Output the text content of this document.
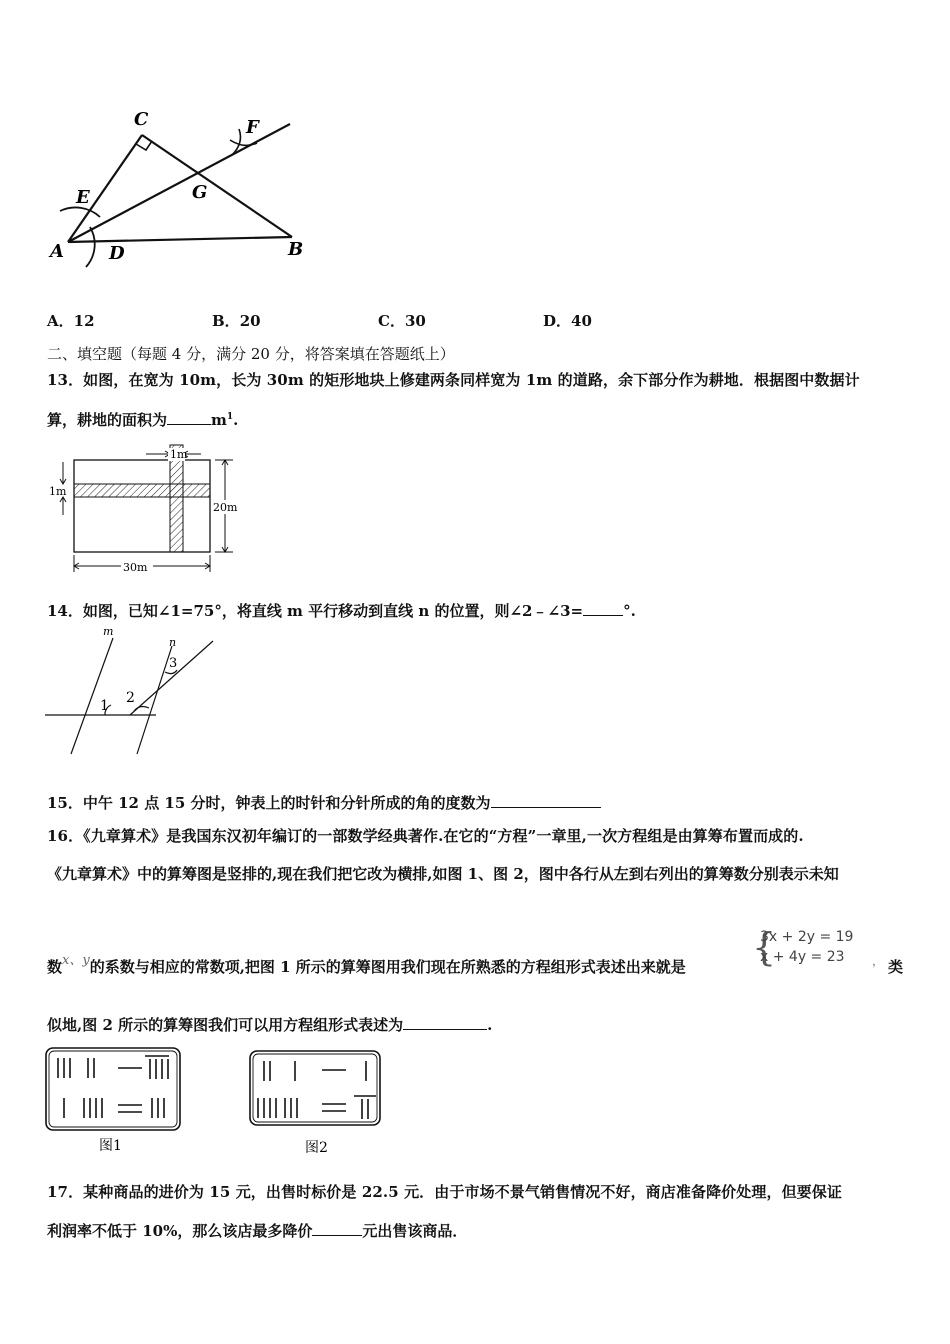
C	F
E	G
A	D	B
A．12	B．20	C．30	D．40
二、填空题（每题 4 分，满分 20 分，将答案填在答题纸上）
13．如图，在宽为 10m，长为 30m 的矩形地块上修建两条同样宽为 1m 的道路，余下部分作为耕地．根据图中数据计
算，耕地的面积为	$m^1$.
1m
1m
20m
30m
14．如图，已知∠1=75°，将直线 m 平行移动到直线 n 的位置，则∠2﹣∠3=	°.
m
n
1 2
3
15．中午 12 点 15 分时，钟表上的时针和分针所成的角的度数为
16．《九章算术》是我国东汉初年编订的一部数学经典著作.在它的“方程”一章里,一次方程组是由算筹布置而成的.
《九章算术》中的算筹图是竖排的,现在我们把它改为横排,如图 1、图 2，图中各行从左到右列出的算筹数分别表示未知
数x、y的系数与相应的常数项,把图 1 所示的算筹图用我们现在所熟悉的方程组形式表述出来就是 {
3x + 2y = 19
x + 4y = 23 ， 类
似地,图 2 所示的算筹图我们可以用方程组形式表述为	.
图1	图2
17．某种商品的进价为 15 元，出售时标价是 22.5 元．由于市场不景气销售情况不好，商店准备降价处理，但要保证
利润率不低于 10%，那么该店最多降价	元出售该商品．
